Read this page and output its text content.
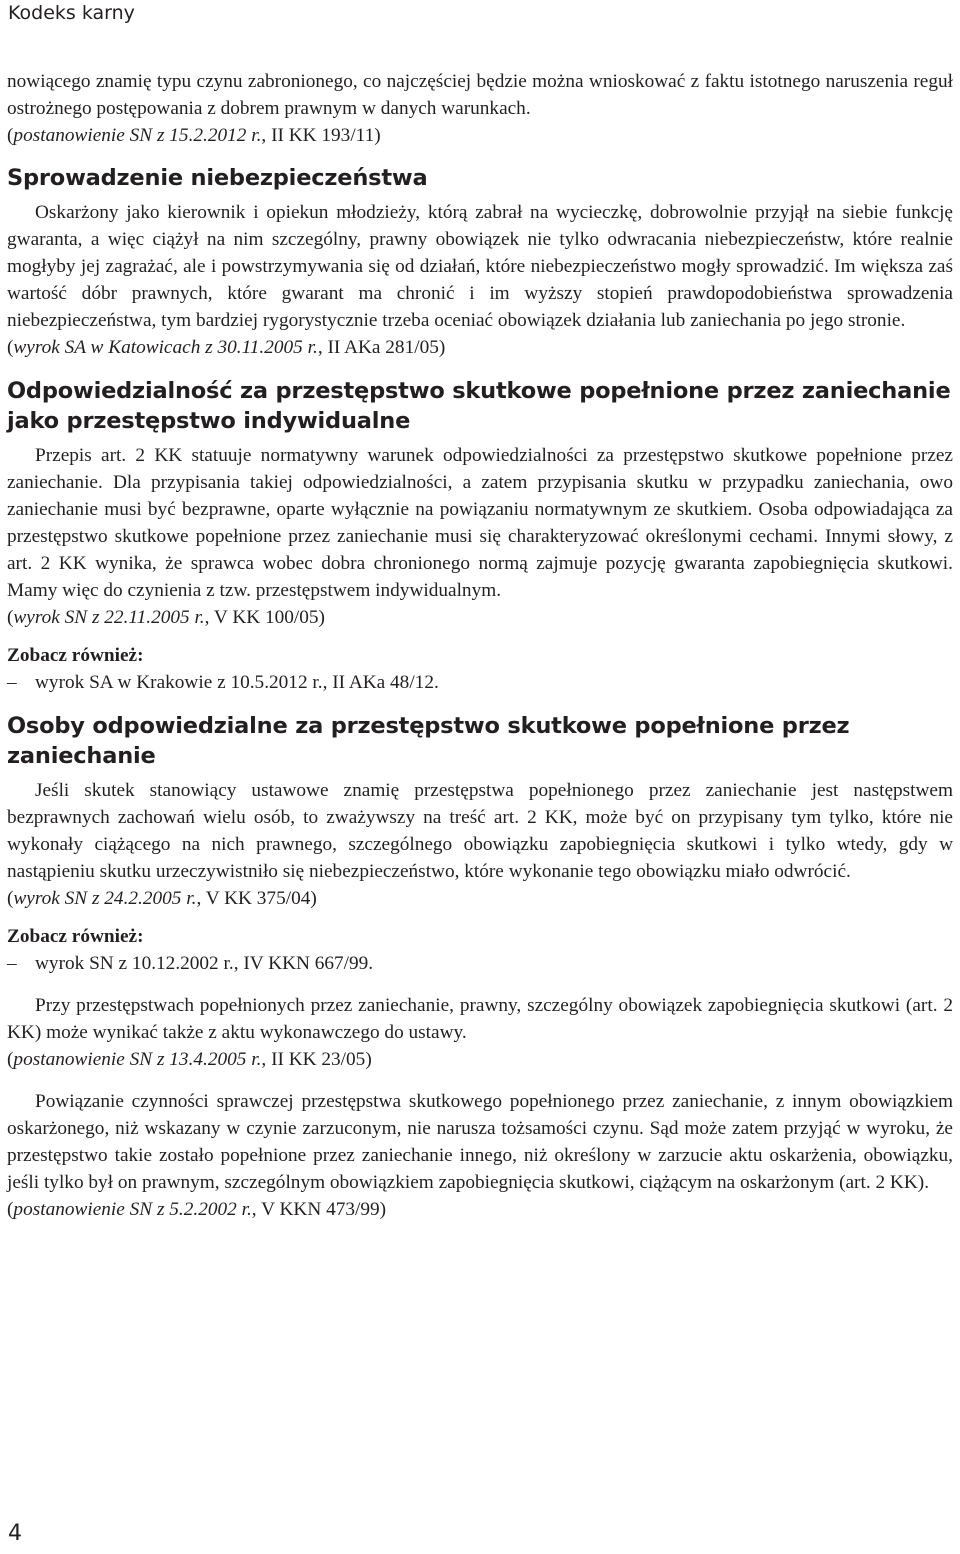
Kodeks karny

nowiącego znamię typu czynu zabronionego, co najczęściej będzie można wnioskować z faktu istotnego naruszenia reguł ostrożnego postępowania z dobrem prawnym w danych warunkach.

(postanowienie SN z 15.2.2012 r., II KK 193/11)

Sprowadzenie niebezpieczeństwa

Oskarżony jako kierownik i opiekun młodzieży, którą zabrał na wycieczkę, dobrowolnie przyjął na siebie funkcję gwaranta, a więc ciążył na nim szczególny, prawny obowiązek nie tylko odwracania niebezpieczeństw, które realnie mogłyby jej zagrażać, ale i powstrzymywania się od działań, które niebezpieczeństwo mogły sprowadzić. Im większa zaś wartość dóbr prawnych, które gwarant ma chronić i im wyższy stopień prawdopodobieństwa sprowadzenia niebezpieczeństwa, tym bardziej rygorystycznie trzeba oceniać obowiązek działania lub zaniechania po jego stronie.

(wyrok SA w Katowicach z 30.11.2005 r., II AKa 281/05)

Odpowiedzialność za przestępstwo skutkowe popełnione przez zaniechanie jako przestępstwo indywidualne

Przepis art. 2 KK statuuje normatywny warunek odpowiedzialności za przestępstwo skutkowe popełnione przez zaniechanie. Dla przypisania takiej odpowiedzialności, a zatem przypisania skutku w przypadku zaniechania, owo zaniechanie musi być bezprawne, oparte wyłącznie na powiązaniu normatywnym ze skutkiem. Osoba odpowiadająca za przestępstwo skutkowe popełnione przez zaniechanie musi się charakteryzować określonymi cechami. Innymi słowy, z art. 2 KK wynika, że sprawca wobec dobra chronionego normą zajmuje pozycję gwaranta zapobiegnięcia skutkowi. Mamy więc do czynienia z tzw. przestępstwem indywidualnym.

(wyrok SN z 22.11.2005 r., V KK 100/05)

Zobacz również:

– wyrok SA w Krakowie z 10.5.2012 r., II AKa 48/12.
Osoby odpowiedzialne za przestępstwo skutkowe popełnione przez zaniechanie

Jeśli skutek stanowiący ustawowe znamię przestępstwa popełnionego przez zaniechanie jest następstwem bezprawnych zachowań wielu osób, to zważywszy na treść art. 2 KK, może być on przypisany tym tylko, które nie wykonały ciążącego na nich prawnego, szczególnego obowiązku zapobiegnięcia skutkowi i tylko wtedy, gdy w nastąpieniu skutku urzeczywistniło się niebezpieczeństwo, które wykonanie tego obowiązku miało odwrócić.

(wyrok SN z 24.2.2005 r., V KK 375/04)

Zobacz również:

– wyrok SN z 10.12.2002 r., IV KKN 667/99.

Przy przestępstwach popełnionych przez zaniechanie, prawny, szczególny obowiązek zapobiegnięcia skutkowi (art. 2 KK) może wynikać także z aktu wykonawczego do ustawy.

(postanowienie SN z 13.4.2005 r., II KK 23/05)

Powiązanie czynności sprawczej przestępstwa skutkowego popełnionego przez zaniechanie, z innym obowiązkiem oskarżonego, niż wskazany w czynie zarzuconym, nie narusza tożsamości czynu. Sąd może zatem przyjąć w wyroku, że przestępstwo takie zostało popełnione przez zaniechanie innego, niż określony w zarzucie aktu oskarżenia, obowiązku, jeśli tylko był on prawnym, szczególnym obowiązkiem zapobiegnięcia skutkowi, ciążącym na oskarżonym (art. 2 KK).

(postanowienie SN z 5.2.2002 r., V KKN 473/99)

4
